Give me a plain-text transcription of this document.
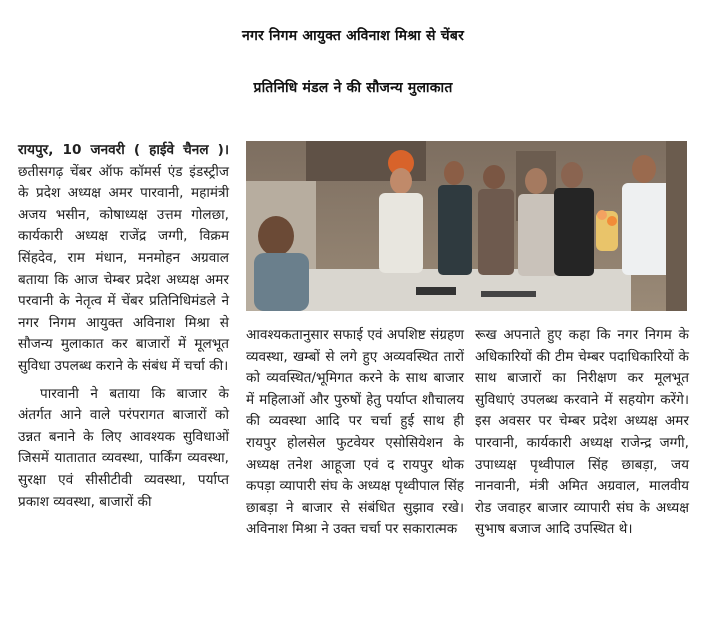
नगर निगम आयुक्त अविनाश मिश्रा से चेंबर
प्रतिनिधि मंडल ने की सौजन्य मुलाकात

रायपुर, 10 जनवरी ( हाईवे चैनल )। छतीसगढ़ चेंबर ऑफ कॉमर्स एंड इंडस्ट्रीज के प्रदेश अध्यक्ष अमर पारवानी, महामंत्री अजय भसीन, कोषाध्यक्ष उत्तम गोलछा, कार्यकारी अध्यक्ष राजेंद्र जग्गी, विक्रम सिंहदेव, राम मंधान, मनमोहन अग्रवाल बताया कि आज चेम्बर प्रदेश अध्यक्ष अमर परवानी के नेतृत्व में चेंबर प्रतिनिधिमंडले ने नगर निगम आयुक्त अविनाश मिश्रा से सौजन्य मुलाकात कर बाजारों में मूलभूत सुविधा उपलब्ध कराने के संबंध में चर्चा की।

पारवानी ने बताया कि बाजार के अंतर्गत आने वाले परंपरागत बाजारों को उन्नत बनाने के लिए आवश्यक सुविधाओं जिसमें यातातात व्यवस्था, पार्किंग व्यवस्था, सुरक्षा एवं सीसीटीवी व्यवस्था, पर्याप्त प्रकाश व्यवस्था, बाजारों की

आवश्यकतानुसार सफाई एवं अपशिष्ट संग्रहण व्यवस्था, खम्बों से लगे हुए अव्यवस्थित तारों को व्यवस्थित/भूमिगत करने के साथ बाजार में महिलाओं और पुरुषों हेतु पर्याप्त शौचालय की व्यवस्था आदि पर चर्चा हुई साथ ही रायपुर होलसेल फुटवेयर एसोसियेशन के अध्यक्ष तनेश आहूजा एवं द रायपुर थोक कपड़ा व्यापारी संघ के अध्यक्ष पृथ्वीपाल सिंह छाबड़ा ने बाजार से संबंधित सुझाव रखे। अविनाश मिश्रा ने उक्त चर्चा पर सकारात्मक

रूख अपनाते हुए कहा कि नगर निगम के अधिकारियों की टीम चेम्बर पदाधिकारियों के साथ बाजारों का निरीक्षण कर मूलभूत सुविधाएं उपलब्ध करवाने में सहयोग करेंगे। इस अवसर पर चेम्बर प्रदेश अध्यक्ष अमर पारवानी, कार्यकारी अध्यक्ष राजेन्द्र जग्गी, उपाध्यक्ष पृथ्वीपाल सिंह छाबड़ा, जय नानवानी, मंत्री अमित अग्रवाल, मालवीय रोड जवाहर बाजार व्यापारी संघ के अध्यक्ष सुभाष बजाज आदि उपस्थित थे।
